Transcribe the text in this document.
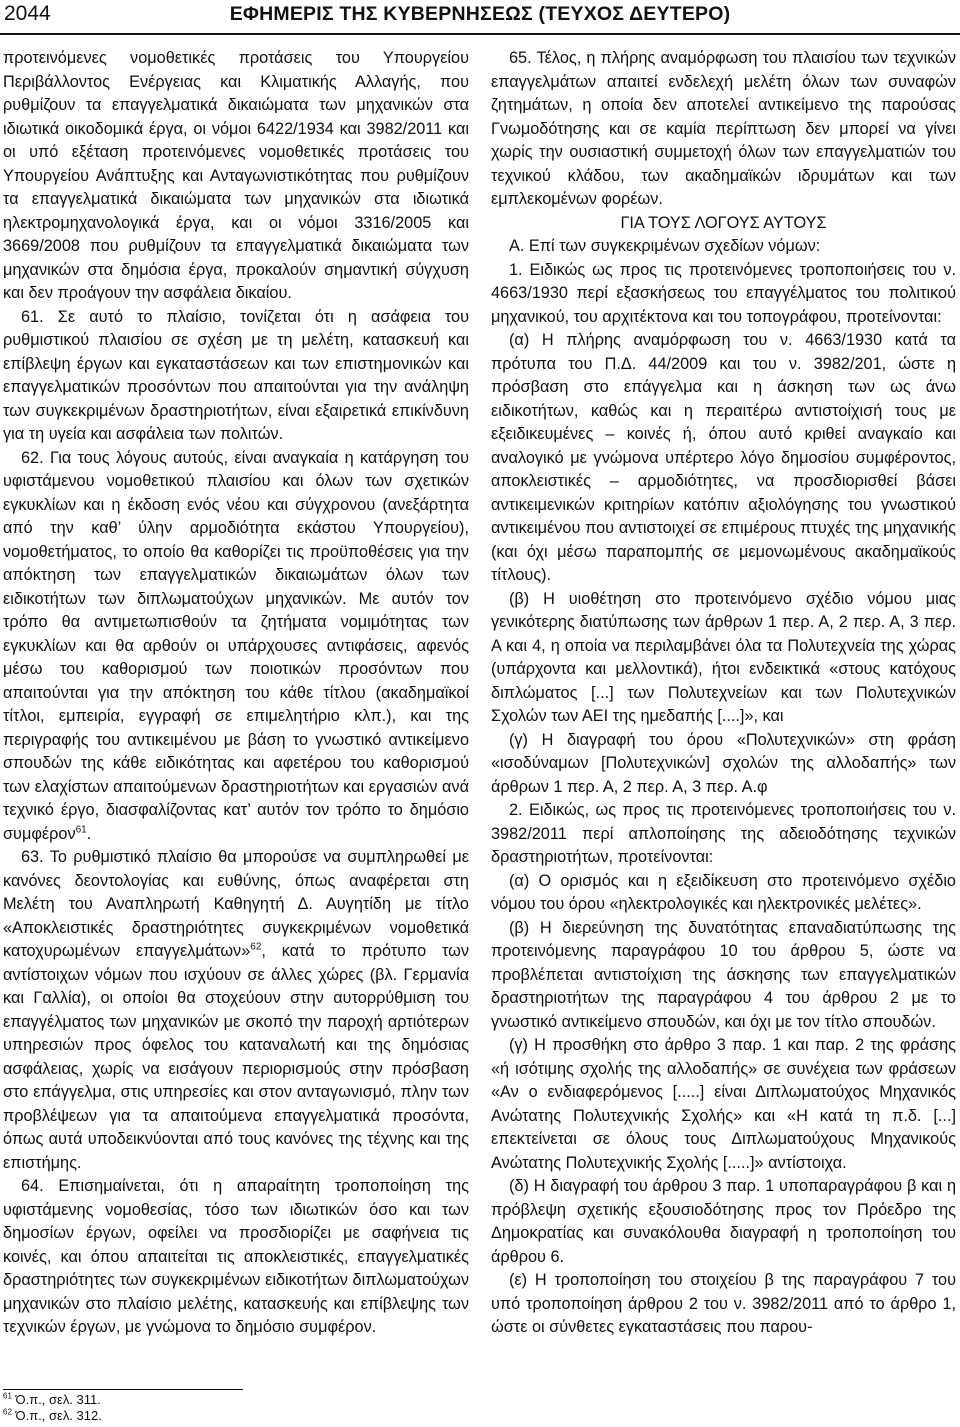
2044	ΕΦΗΜΕΡΙΣ ΤΗΣ ΚΥΒΕΡΝΗΣΕΩΣ (ΤΕΥΧΟΣ ΔΕΥΤΕΡΟ)

προτεινόμενες νομοθετικές προτάσεις του Υπουργείου Περιβάλλοντος Ενέργειας και Κλιματικής Αλλαγής, που ρυθμίζουν τα επαγγελματικά δικαιώματα των μηχανικών στα ιδιωτικά οικοδομικά έργα, οι νόμοι 6422/1934 και 3982/2011 και οι υπό εξέταση προτεινόμενες νομοθετικές προτάσεις του Υπουργείου Ανάπτυξης και Ανταγωνιστικότητας που ρυθμίζουν τα επαγγελματικά δικαιώματα των μηχανικών στα ιδιωτικά ηλεκτρομηχανολογικά έργα, και οι νόμοι 3316/2005 και 3669/2008 που ρυθμίζουν τα επαγγελματικά δικαιώματα των μηχανικών στα δημόσια έργα, προκαλούν σημαντική σύγχυση και δεν προάγουν την ασφάλεια δικαίου.

61. Σε αυτό το πλαίσιο, τονίζεται ότι η ασάφεια του ρυθμιστικού πλαισίου σε σχέση με τη μελέτη, κατασκευή και επίβλεψη έργων και εγκαταστάσεων και των επιστημονικών και επαγγελματικών προσόντων που απαιτούνται για την ανάληψη των συγκεκριμένων δραστηριοτήτων, είναι εξαιρετικά επικίνδυνη για τη υγεία και ασφάλεια των πολιτών.

62. Για τους λόγους αυτούς, είναι αναγκαία η κατάργηση του υφιστάμενου νομοθετικού πλαισίου και όλων των σχετικών εγκυκλίων και η έκδοση ενός νέου και σύγχρονου (ανεξάρτητα από την καθ’ ύλην αρμοδιότητα εκάστου Υπουργείου), νομοθετήματος, το οποίο θα καθορίζει τις προϋποθέσεις για την απόκτηση των επαγγελματικών δικαιωμάτων όλων των ειδικοτήτων των διπλωματούχων μηχανικών. Με αυτόν τον τρόπο θα αντιμετωπισθούν τα ζητήματα νομιμότητας των εγκυκλίων και θα αρθούν οι υπάρχουσες αντιφάσεις, αφενός μέσω του καθορισμού των ποιοτικών προσόντων που απαιτούνται για την απόκτηση του κάθε τίτλου (ακαδημαϊκοί τίτλοι, εμπειρία, εγγραφή σε επιμελητήριο κλπ.), και της περιγραφής του αντικειμένου με βάση το γνωστικό αντικείμενο σπουδών της κάθε ειδικότητας και αφετέρου του καθορισμού των ελαχίστων απαιτούμενων δραστηριοτήτων και εργασιών ανά τεχνικό έργο, διασφαλίζοντας κατ’ αυτόν τον τρόπο το δημόσιο συμφέρον$^{61}$.

63. Το ρυθμιστικό πλαίσιο θα μπορούσε να συμπληρωθεί με κανόνες δεοντολογίας και ευθύνης, όπως αναφέρεται στη Μελέτη του Αναπληρωτή Καθηγητή Δ. Αυγητίδη με τίτλο «Αποκλειστικές δραστηριότητες συγκεκριμένων νομοθετικά κατοχυρωμένων επαγγελμάτων»$^{62}$, κατά το πρότυπο των αντίστοιχων νόμων που ισχύουν σε άλλες χώρες (βλ. Γερμανία και Γαλλία), οι οποίοι θα στοχεύουν στην αυτορρύθμιση του επαγγέλματος των μηχανικών με σκοπό την παροχή αρτιότερων υπηρεσιών προς όφελος του καταναλωτή και της δημόσιας ασφάλειας, χωρίς να εισάγουν περιορισμούς στην πρόσβαση στο επάγγελμα, στις υπηρεσίες και στον ανταγωνισμό, πλην των προβλέψεων για τα απαιτούμενα επαγγελματικά προσόντα, όπως αυτά υποδεικνύονται από τους κανόνες της τέχνης και της επιστήμης.

64. Επισημαίνεται, ότι η απαραίτητη τροποποίηση της υφιστάμενης νομοθεσίας, τόσο των ιδιωτικών όσο και των δημοσίων έργων, οφείλει να προσδιορίζει με σαφήνεια τις κοινές, και όπου απαιτείται τις αποκλειστικές, επαγγελματικές δραστηριότητες των συγκεκριμένων ειδικοτήτων διπλωματούχων μηχανικών στο πλαίσιο μελέτης, κατασκευής και επίβλεψης των τεχνικών έργων, με γνώμονα το δημόσιο συμφέρον.

65. Τέλος, η πλήρης αναμόρφωση του πλαισίου των τεχνικών επαγγελμάτων απαιτεί ενδελεχή μελέτη όλων των συναφών ζητημάτων, η οποία δεν αποτελεί αντικείμενο της παρούσας Γνωμοδότησης και σε καμία περίπτωση δεν μπορεί να γίνει χωρίς την ουσιαστική συμμετοχή όλων των επαγγελματιών του τεχνικού κλάδου, των ακαδημαϊκών ιδρυμάτων και των εμπλεκομένων φορέων.

ΓΙΑ ΤΟΥΣ ΛΟΓΟΥΣ ΑΥΤΟΥΣ

Α. Επί των συγκεκριμένων σχεδίων νόμων:

1. Ειδικώς ως προς τις προτεινόμενες τροποποιήσεις του ν. 4663/1930 περί εξασκήσεως του επαγγέλματος του πολιτικού μηχανικού, του αρχιτέκτονα και του τοπογράφου, προτείνονται:

(α) Η πλήρης αναμόρφωση του ν. 4663/1930 κατά τα πρότυπα του Π.Δ. 44/2009 και του ν. 3982/201, ώστε η πρόσβαση στο επάγγελμα και η άσκηση των ως άνω ειδικοτήτων, καθώς και η περαιτέρω αντιστοίχισή τους με εξειδικευμένες – κοινές ή, όπου αυτό κριθεί αναγκαίο και αναλογικό με γνώμονα υπέρτερο λόγο δημοσίου συμφέροντος, αποκλειστικές – αρμοδιότητες, να προσδιορισθεί βάσει αντικειμενικών κριτηρίων κατόπιν αξιολόγησης του γνωστικού αντικειμένου που αντιστοιχεί σε επιμέρους πτυχές της μηχανικής (και όχι μέσω παραπομπής σε μεμονωμένους ακαδημαϊκούς τίτλους).

(β) Η υιοθέτηση στο προτεινόμενο σχέδιο νόμου μιας γενικότερης διατύπωσης των άρθρων 1 περ. Α, 2 περ. Α, 3 περ. Α και 4, η οποία να περιλαμβάνει όλα τα Πολυτεχνεία της χώρας (υπάρχοντα και μελλοντικά), ήτοι ενδεικτικά «στους κατόχους διπλώματος [...] των Πολυτεχνείων και των Πολυτεχνικών Σχολών των ΑΕΙ της ημεδαπής [....]», και

(γ) Η διαγραφή του όρου «Πολυτεχνικών» στη φράση «ισοδύναμων [Πολυτεχνικών] σχολών της αλλοδαπής» των άρθρων 1 περ. Α, 2 περ. Α, 3 περ. Α.φ

2. Ειδικώς, ως προς τις προτεινόμενες τροποποιήσεις του ν. 3982/2011 περί απλοποίησης της αδειοδότησης τεχνικών δραστηριοτήτων, προτείνονται:

(α) Ο ορισμός και η εξειδίκευση στο προτεινόμενο σχέδιο νόμου του όρου «ηλεκτρολογικές και ηλεκτρονικές μελέτες».

(β) Η διερεύνηση της δυνατότητας επαναδιατύπωσης της προτεινόμενης παραγράφου 10 του άρθρου 5, ώστε να προβλέπεται αντιστοίχιση της άσκησης των επαγγελματικών δραστηριοτήτων της παραγράφου 4 του άρθρου 2 με το γνωστικό αντικείμενο σπουδών, και όχι με τον τίτλο σπουδών.

(γ) Η προσθήκη στο άρθρο 3 παρ. 1 και παρ. 2 της φράσης «ή ισότιμης σχολής της αλλοδαπής» σε συνέχεια των φράσεων «Αν ο ενδιαφερόμενος [.....] είναι Διπλωματούχος Μηχανικός Ανώτατης Πολυτεχνικής Σχολής» και «Η κατά τη π.δ. [...] επεκτείνεται σε όλους τους Διπλωματούχους Μηχανικούς Ανώτατης Πολυτεχνικής Σχολής [.....]» αντίστοιχα.

(δ) Η διαγραφή του άρθρου 3 παρ. 1 υποπαραγράφου β και η πρόβλεψη σχετικής εξουσιοδότησης προς τον Πρόεδρο της Δημοκρατίας και συνακόλουθα διαγραφή η τροποποίηση του άρθρου 6.

(ε) Η τροποποίηση του στοιχείου β της παραγράφου 7 του υπό τροποποίηση άρθρου 2 του ν. 3982/2011 από το άρθρο 1, ώστε οι σύνθετες εγκαταστάσεις που παρου-

$^{61}$ Ό.π., σελ. 311.
$^{62}$ Ό.π., σελ. 312.
